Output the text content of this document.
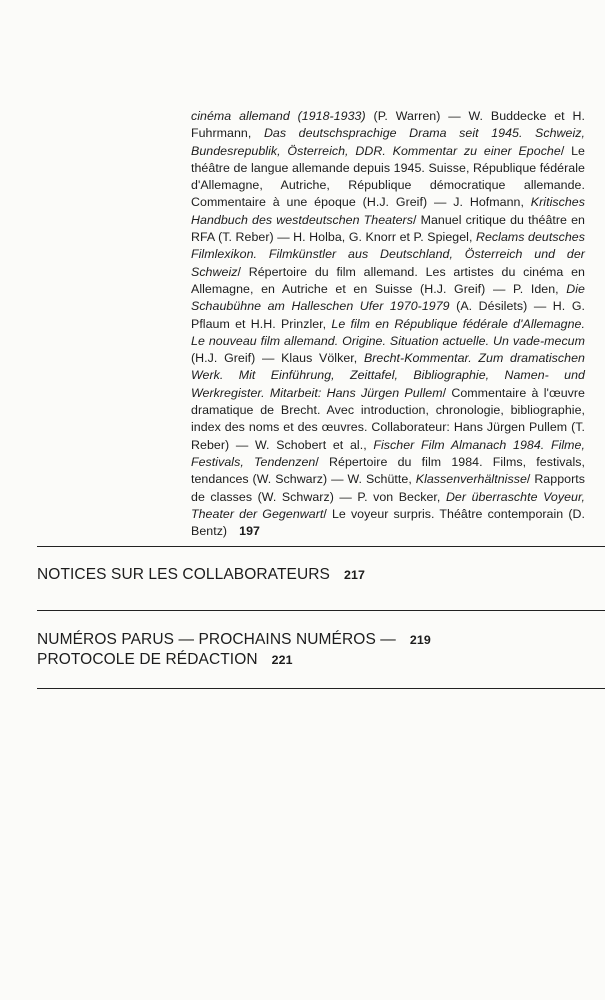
cinéma allemand (1918-1933) (P. Warren) — W. Buddecke et H. Fuhrmann, Das deutschsprachige Drama seit 1945. Schweiz, Bundesrepublik, Österreich, DDR. Kommentar zu einer Epoche/ Le théâtre de langue allemande depuis 1945. Suisse, République fédérale d'Allemagne, Autriche, République démocratique allemande. Commentaire à une époque (H.J. Greif) — J. Hofmann, Kritisches Handbuch des westdeutschen Theaters/ Manuel critique du théâtre en RFA (T. Reber) — H. Holba, G. Knorr et P. Spiegel, Reclams deutsches Filmlexikon. Filmkünstler aus Deutschland, Österreich und der Schweiz/ Répertoire du film allemand. Les artistes du cinéma en Allemagne, en Autriche et en Suisse (H.J. Greif) — P. Iden, Die Schaubühne am Halleschen Ufer 1970-1979 (A. Désilets) — H. G. Pflaum et H.H. Prinzler, Le film en République fédérale d'Allemagne. Le nouveau film allemand. Origine. Situation actuelle. Un vade-mecum (H.J. Greif) — Klaus Völker, Brecht-Kommentar. Zum dramatischen Werk. Mit Einführung, Zeittafel, Bibliographie, Namen- und Werkregister. Mitarbeit: Hans Jürgen Pullem/ Commentaire à l'œuvre dramatique de Brecht. Avec introduction, chronologie, bibliographie, index des noms et des œuvres. Collaborateur: Hans Jürgen Pullem (T. Reber) — W. Schobert et al., Fischer Film Almanach 1984. Filme, Festivals, Tendenzen/ Répertoire du film 1984. Films, festivals, tendances (W. Schwarz) — W. Schütte, Klassenverhältnisse/ Rapports de classes (W. Schwarz) — P. von Becker, Der überraschte Voyeur, Theater der Gegenwart/ Le voyeur surpris. Théâtre contemporain (D. Bentz) 197
NOTICES SUR LES COLLABORATEURS 217
NUMÉROS PARUS — PROCHAINS NUMÉROS — 219
PROTOCOLE DE RÉDACTION 221
